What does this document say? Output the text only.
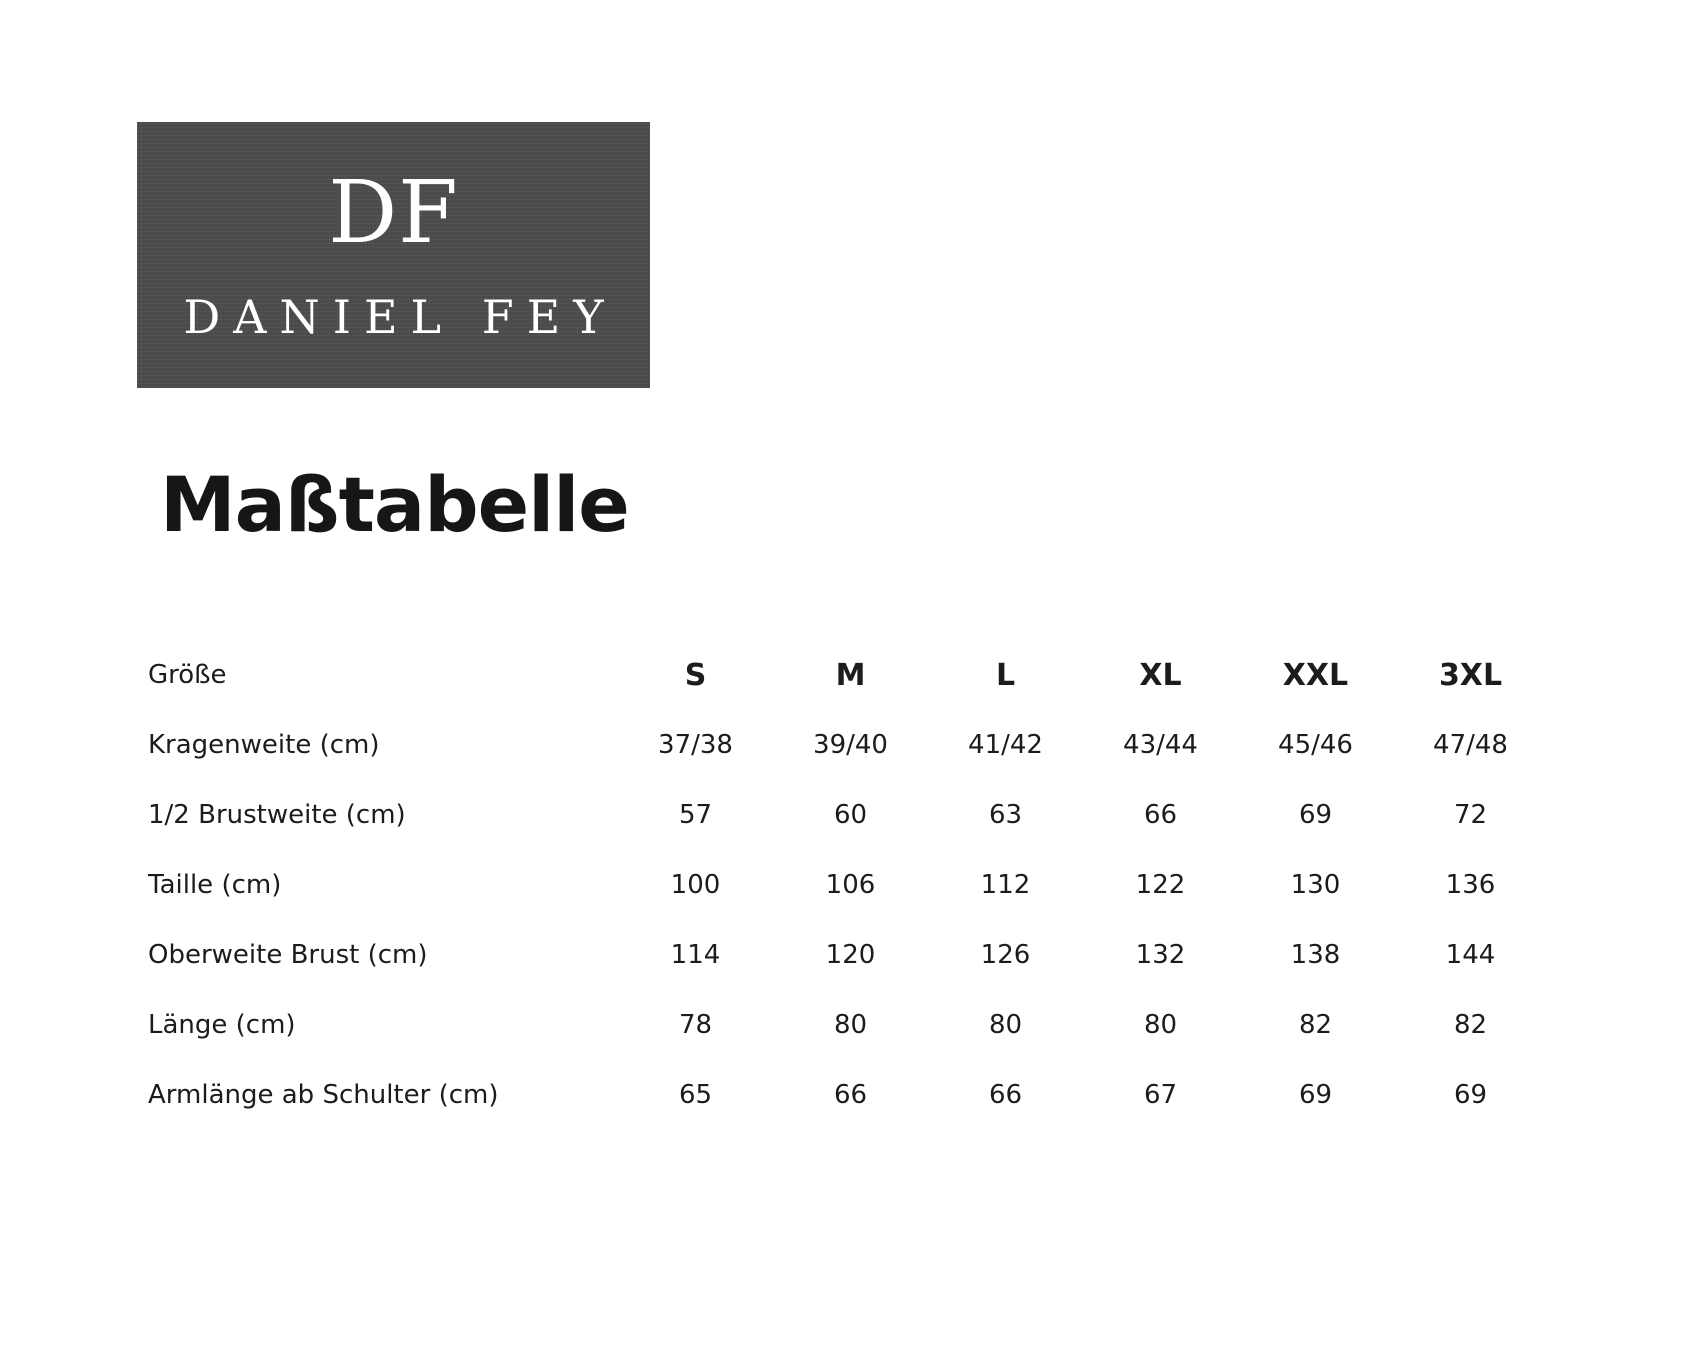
DF
DANIEL FEY
Maßtabelle
Größe	S	M	L	XL	XXL	3XL
Kragenweite (cm)	37/38	39/40	41/42	43/44	45/46	47/48
1/2 Brustweite (cm)	57	60	63	66	69	72
Taille (cm)	100	106	112	122	130	136
Oberweite Brust (cm)	114	120	126	132	138	144
Länge (cm)	78	80	80	80	82	82
Armlänge ab Schulter (cm)	65	66	66	67	69	69
